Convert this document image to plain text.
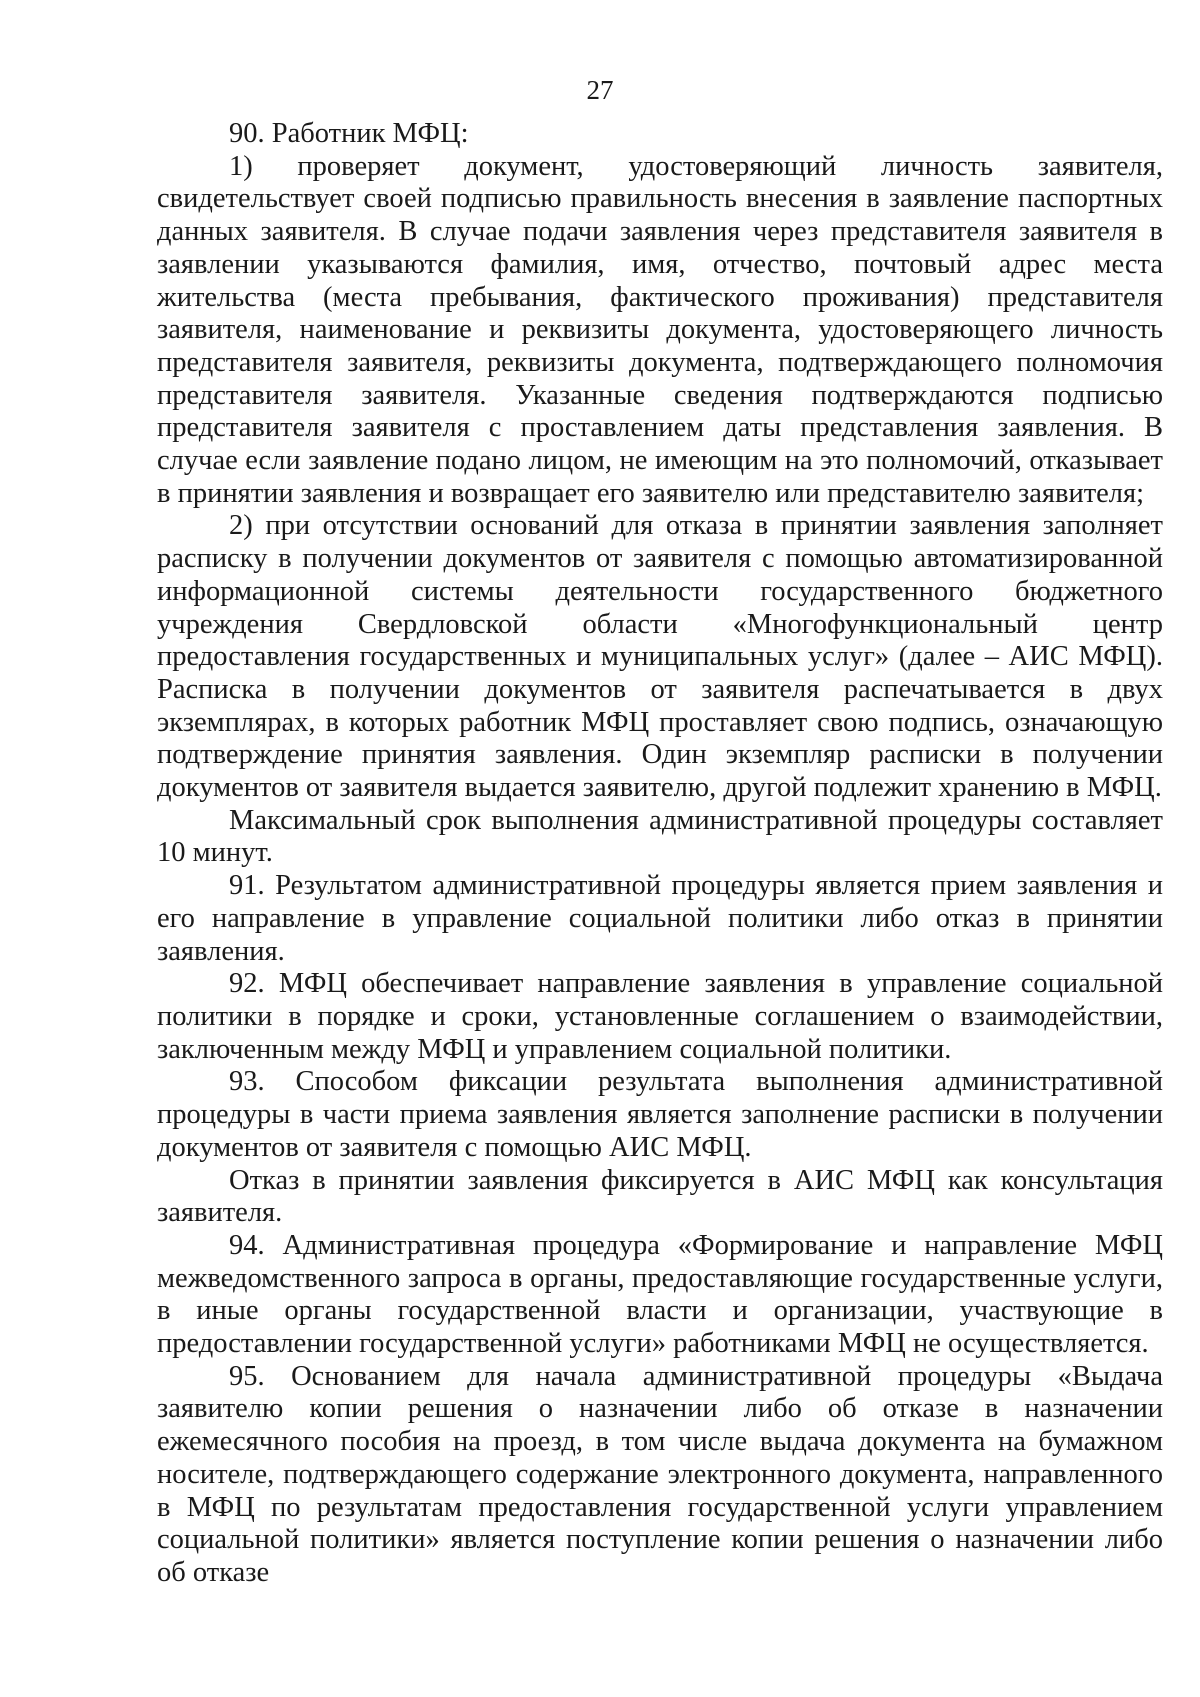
27

90. Работник МФЦ:

1) проверяет документ, удостоверяющий личность заявителя, свидетельствует своей подписью правильность внесения в заявление паспортных данных заявителя. В случае подачи заявления через представителя заявителя в заявлении указываются фамилия, имя, отчество, почтовый адрес места жительства (места пребывания, фактического проживания) представителя заявителя, наименование и реквизиты документа, удостоверяющего личность представителя заявителя, реквизиты документа, подтверждающего полномочия представителя заявителя. Указанные сведения подтверждаются подписью представителя заявителя с проставлением даты представления заявления. В случае если заявление подано лицом, не имеющим на это полномочий, отказывает в принятии заявления и возвращает его заявителю или представителю заявителя;

2) при отсутствии оснований для отказа в принятии заявления заполняет расписку в получении документов от заявителя с помощью автоматизированной информационной системы деятельности государственного бюджетного учреждения Свердловской области «Многофункциональный центр предоставления государственных и муниципальных услуг» (далее – АИС МФЦ). Расписка в получении документов от заявителя распечатывается в двух экземплярах, в которых работник МФЦ проставляет свою подпись, означающую подтверждение принятия заявления. Один экземпляр расписки в получении документов от заявителя выдается заявителю, другой подлежит хранению в МФЦ.

Максимальный срок выполнения административной процедуры составляет 10 минут.

91. Результатом административной процедуры является прием заявления и его направление в управление социальной политики либо отказ в принятии заявления.

92. МФЦ обеспечивает направление заявления в управление социальной политики в порядке и сроки, установленные соглашением о взаимодействии, заключенным между МФЦ и управлением социальной политики.

93. Способом фиксации результата выполнения административной процедуры в части приема заявления является заполнение расписки в получении документов от заявителя с помощью АИС МФЦ.

Отказ в принятии заявления фиксируется в АИС МФЦ как консультация заявителя.

94. Административная процедура «Формирование и направление МФЦ межведомственного запроса в органы, предоставляющие государственные услуги, в иные органы государственной власти и организации, участвующие в предоставлении государственной услуги» работниками МФЦ не осуществляется.

95. Основанием для начала административной процедуры «Выдача заявителю копии решения о назначении либо об отказе в назначении ежемесячного пособия на проезд, в том числе выдача документа на бумажном носителе, подтверждающего содержание электронного документа, направленного в МФЦ по результатам предоставления государственной услуги управлением социальной политики» является поступление копии решения о назначении либо об отказе
